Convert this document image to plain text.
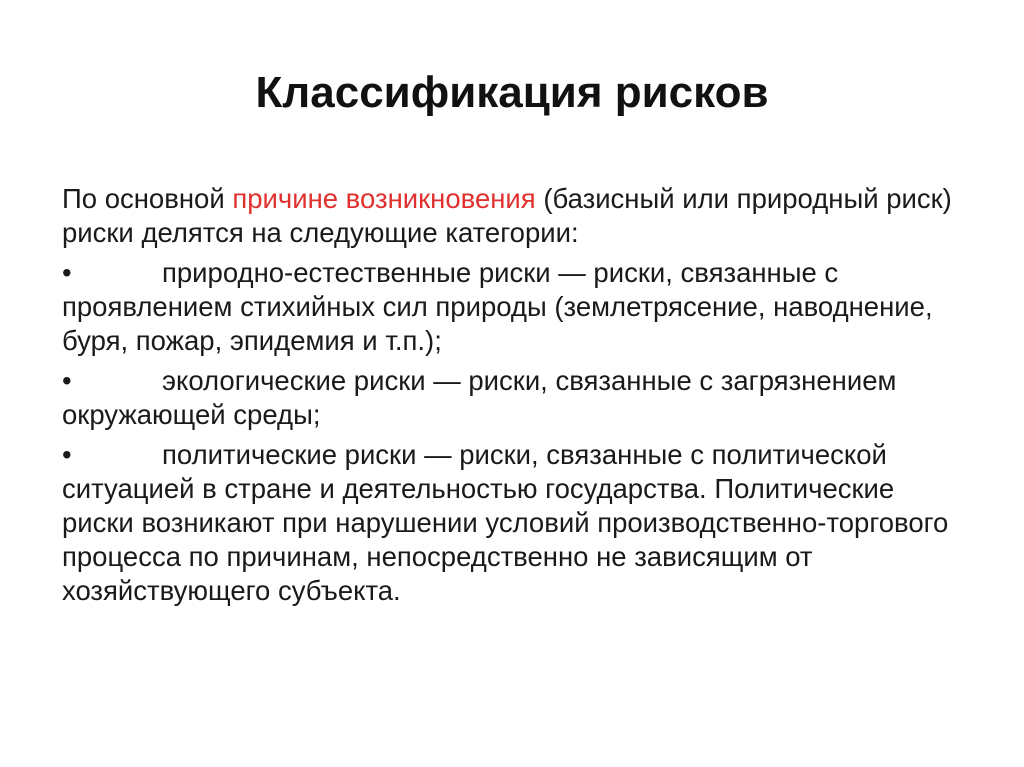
Классификация рисков

По основной причине возникновения (базисный или природный риск) риски делятся на следующие категории:

•	природно-естественные риски — риски, связанные с проявлением стихийных сил природы (землетрясение, наводнение, буря, пожар, эпидемия и т.п.);
•	экологические риски — риски, связанные с загрязнением окружающей среды;
•	политические риски — риски, связанные с политической ситуацией в стране и деятельностью государства. Политические риски возникают при нарушении условий производственно-торгового процесса по причинам, непосредственно не зависящим от хозяйствующего субъекта.
